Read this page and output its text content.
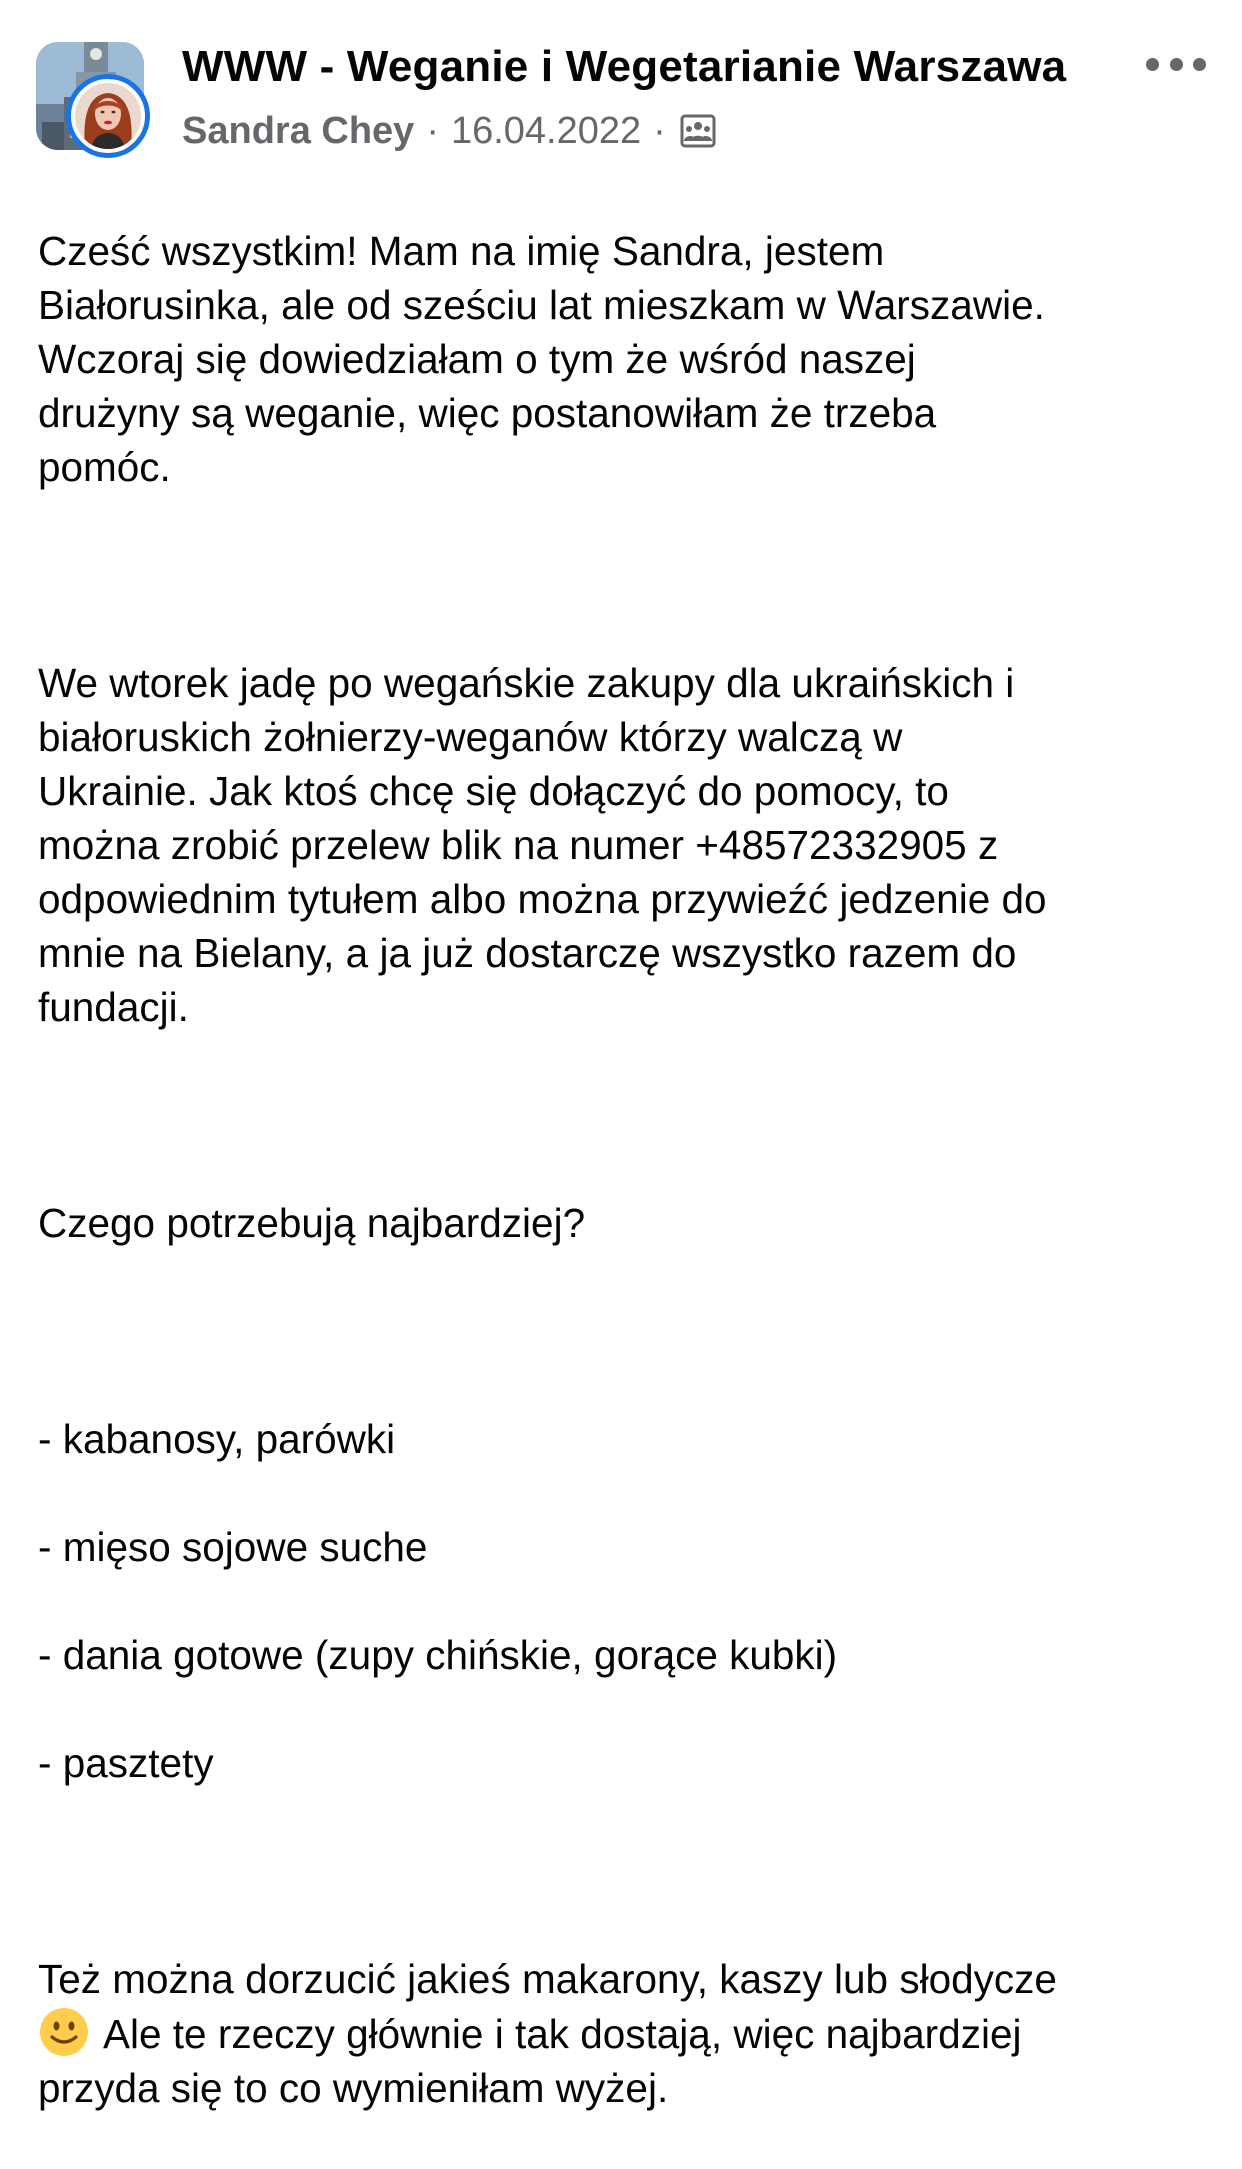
WWW - Weganie i Wegetarianie Warszawa
Sandra Chey · 16.04.2022 ·

Cześć wszystkim! Mam na imię Sandra, jestem
Białorusinka, ale od sześciu lat mieszkam w Warszawie.
Wczoraj się dowiedziałam o tym że wśród naszej
drużyny są weganie, więc postanowiłam że trzeba
pomóc.

We wtorek jadę po wegańskie zakupy dla ukraińskich i
białoruskich żołnierzy-weganów którzy walczą w
Ukrainie. Jak ktoś chcę się dołączyć do pomocy, to
można zrobić przelew blik na numer +48572332905 z
odpowiednim tytułem albo można przywieźć jedzenie do
mnie na Bielany, a ja już dostarczę wszystko razem do
fundacji.

Czego potrzebują najbardziej?

- kabanosy, parówki

- mięso sojowe suche

- dania gotowe (zupy chińskie, gorące kubki)

- pasztety

Też można dorzucić jakieś makarony, kaszy lub słodycze
Ale te rzeczy głównie i tak dostają, więc najbardziej
przyda się to co wymieniłam wyżej.
